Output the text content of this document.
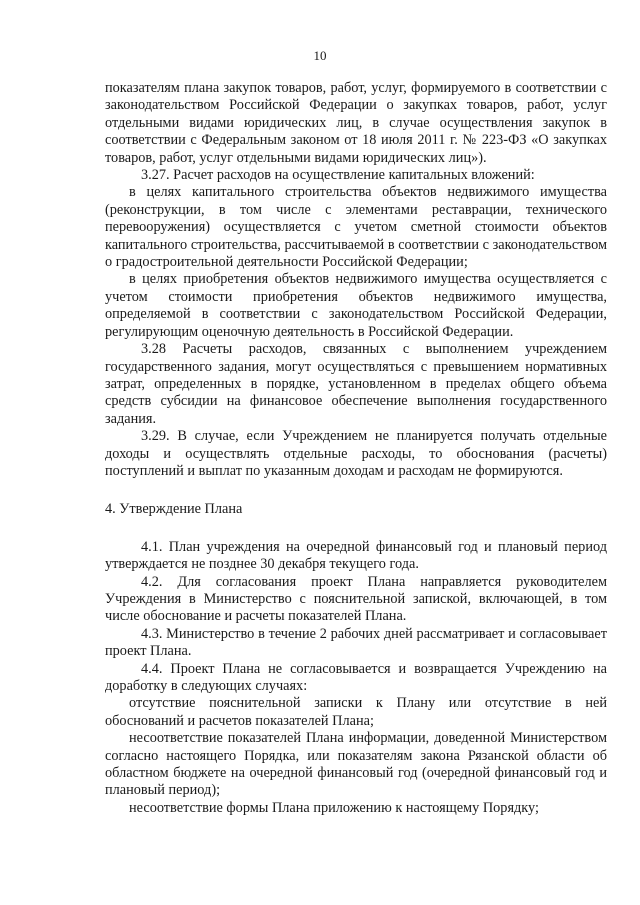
10

показателям плана закупок товаров, работ, услуг, формируемого в соответствии с законодательством Российской Федерации о закупках товаров, работ, услуг отдельными видами юридических лиц, в случае осуществления закупок в соответствии с Федеральным законом от 18 июля 2011 г. № 223-ФЗ «О закупках товаров, работ, услуг отдельными видами юридических лиц»).

3.27. Расчет расходов на осуществление капитальных вложений:

в целях капитального строительства объектов недвижимого имущества (реконструкции, в том числе с элементами реставрации, технического перевооружения) осуществляется с учетом сметной стоимости объектов капитального строительства, рассчитываемой в соответствии с законодательством о градостроительной деятельности Российской Федерации;

в целях приобретения объектов недвижимого имущества осуществляется с учетом стоимости приобретения объектов недвижимого имущества, определяемой в соответствии с законодательством Российской Федерации, регулирующим оценочную деятельность в Российской Федерации.

3.28 Расчеты расходов, связанных с выполнением учреждением государственного задания, могут осуществляться с превышением нормативных затрат, определенных в порядке, установленном в пределах общего объема средств субсидии на финансовое обеспечение выполнения государственного задания.

3.29. В случае, если Учреждением не планируется получать отдельные доходы и осуществлять отдельные расходы, то обоснования (расчеты) поступлений и выплат по указанным доходам и расходам не формируются.

4. Утверждение Плана

4.1. План учреждения на очередной финансовый год и плановый период утверждается не позднее 30 декабря текущего года.

4.2. Для согласования проект Плана направляется руководителем Учреждения в Министерство с пояснительной запиской, включающей, в том числе обоснование и расчеты показателей Плана.

4.3. Министерство в течение 2 рабочих дней рассматривает и согласовывает проект Плана.

4.4. Проект Плана не согласовывается и возвращается Учреждению на доработку в следующих случаях:

отсутствие пояснительной записки к Плану или отсутствие в ней обоснований и расчетов показателей Плана;

несоответствие показателей Плана информации, доведенной Министерством согласно настоящего Порядка, или показателям закона Рязанской области об областном бюджете на очередной финансовый год (очередной финансовый год и плановый период);

несоответствие формы Плана приложению к настоящему Порядку;
